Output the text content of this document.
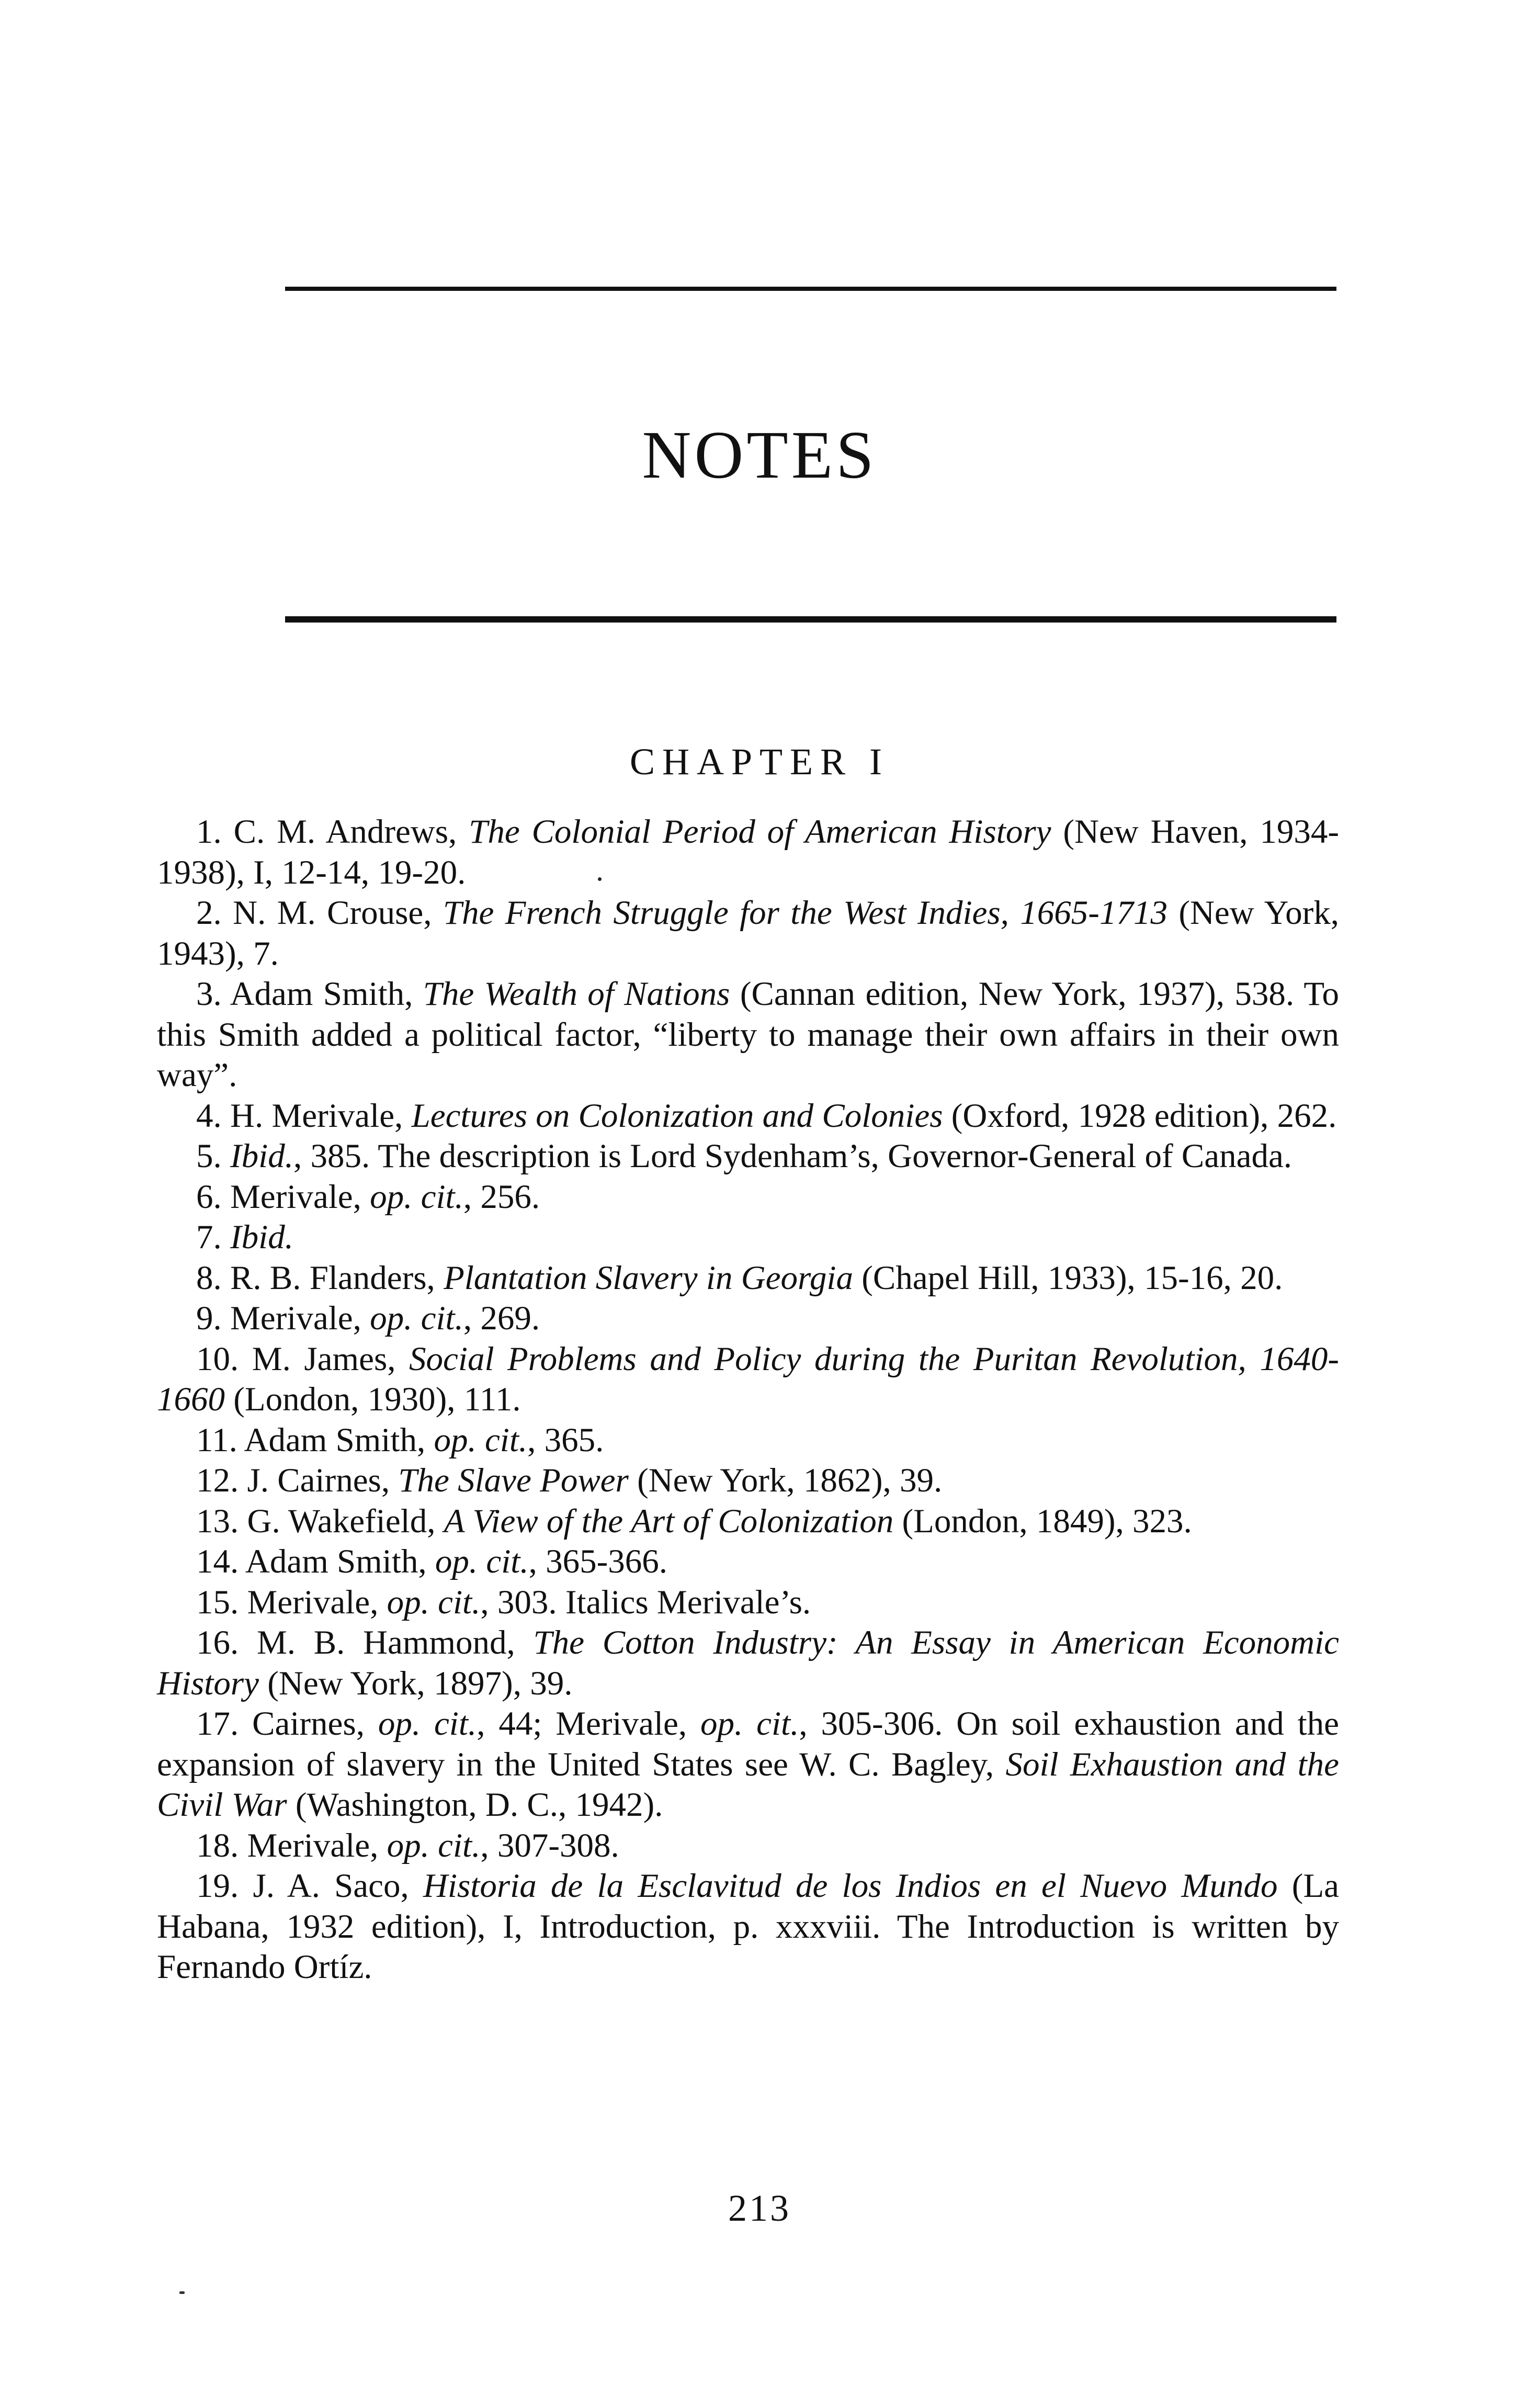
NOTES
CHAPTER I
1. C. M. Andrews, The Colonial Period of American History (New Haven, 1934-1938), I, 12-14, 19-20.
2. N. M. Crouse, The French Struggle for the West Indies, 1665-1713 (New York, 1943), 7.
3. Adam Smith, The Wealth of Nations (Cannan edition, New York, 1937), 538. To this Smith added a political factor, “liberty to manage their own affairs in their own way”.
4. H. Merivale, Lectures on Colonization and Colonies (Oxford, 1928 edition), 262.
5. Ibid., 385. The description is Lord Sydenham’s, Governor-General of Canada.
6. Merivale, op. cit., 256.
7. Ibid.
8. R. B. Flanders, Plantation Slavery in Georgia (Chapel Hill, 1933), 15-16, 20.
9. Merivale, op. cit., 269.
10. M. James, Social Problems and Policy during the Puritan Revolution, 1640-1660 (London, 1930), 111.
11. Adam Smith, op. cit., 365.
12. J. Cairnes, The Slave Power (New York, 1862), 39.
13. G. Wakefield, A View of the Art of Colonization (London, 1849), 323.
14. Adam Smith, op. cit., 365-366.
15. Merivale, op. cit., 303. Italics Merivale’s.
16. M. B. Hammond, The Cotton Industry: An Essay in American Economic History (New York, 1897), 39.
17. Cairnes, op. cit., 44; Merivale, op. cit., 305-306. On soil exhaustion and the expansion of slavery in the United States see W. C. Bagley, Soil Exhaustion and the Civil War (Washington, D. C., 1942).
18. Merivale, op. cit., 307-308.
19. J. A. Saco, Historia de la Esclavitud de los Indios en el Nuevo Mundo (La Habana, 1932 edition), I, Introduction, p. xxxviii. The Introduction is written by Fernando Ortíz.
213
